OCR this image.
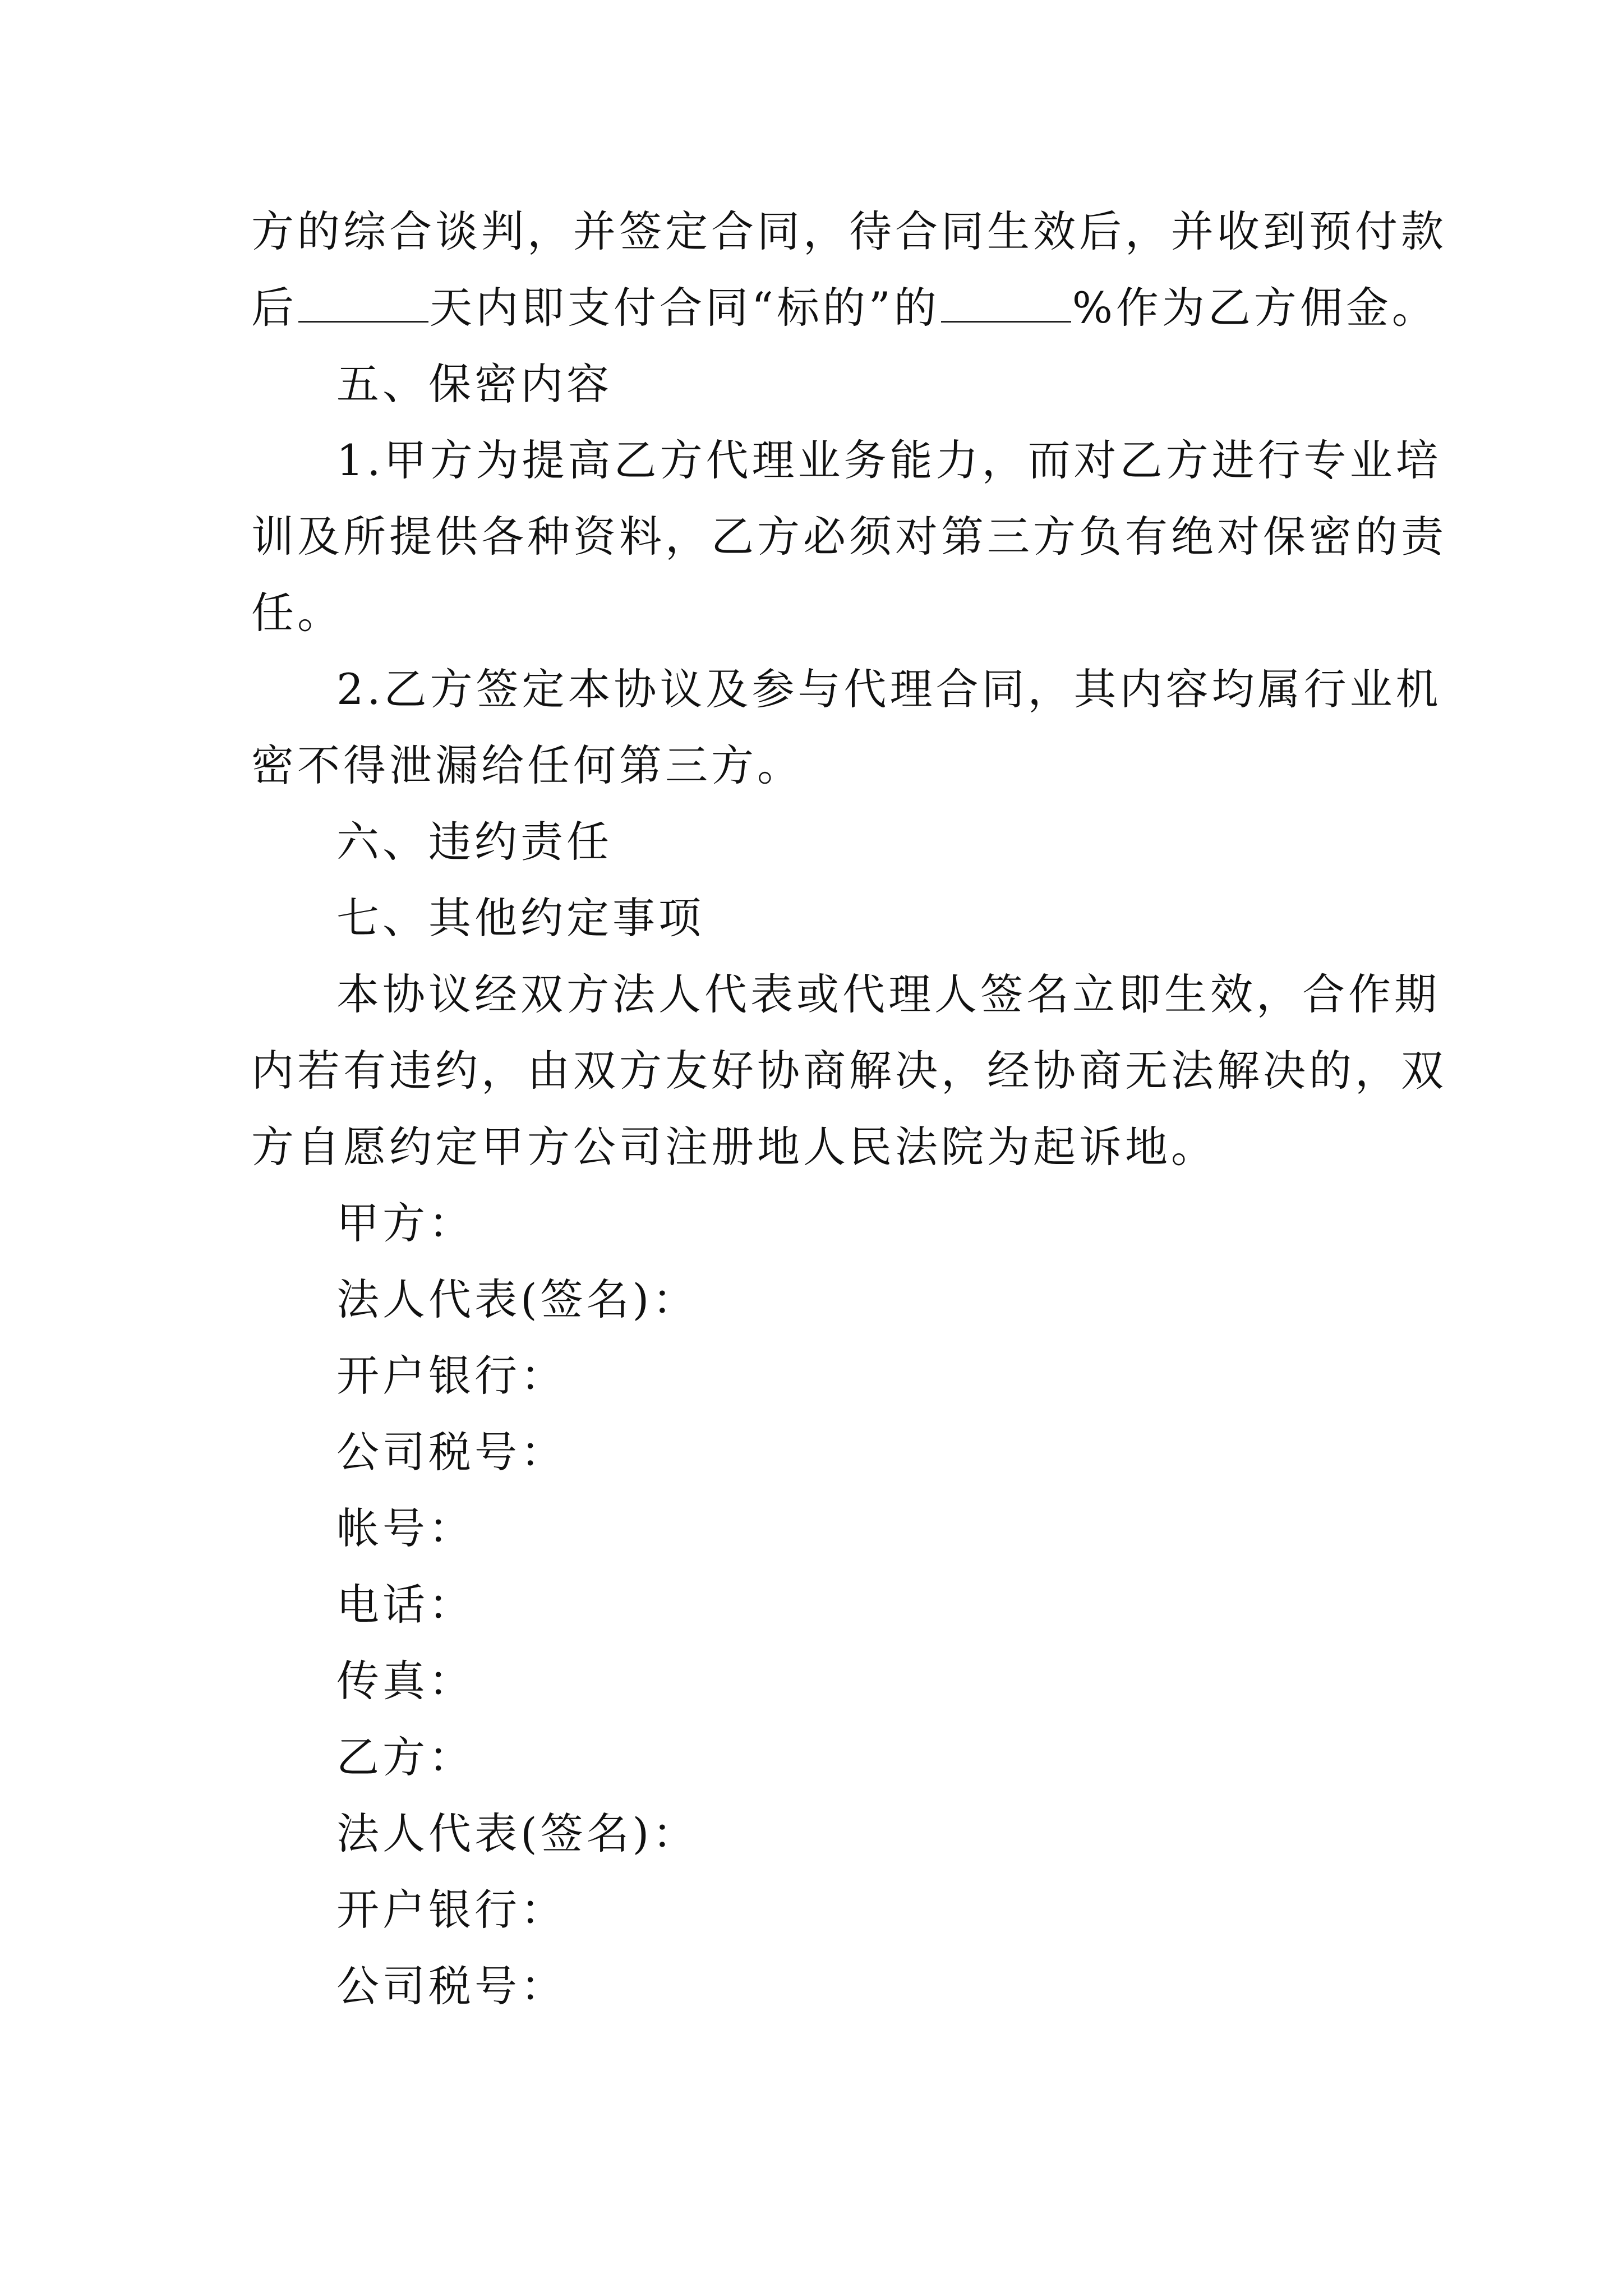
方的综合谈判，并签定合同，待合同生效后，并收到预付款
后	天内即支付合同“标的”的	%作为乙方佣金。
五、保密内容
1.甲方为提高乙方代理业务能力，而对乙方进行专业培
训及所提供各种资料，乙方必须对第三方负有绝对保密的责
任。
2.乙方签定本协议及参与代理合同，其内容均属行业机
密不得泄漏给任何第三方。
六、违约责任
七、其他约定事项
本协议经双方法人代表或代理人签名立即生效，合作期
内若有违约，由双方友好协商解决，经协商无法解决的，双
方自愿约定甲方公司注册地人民法院为起诉地。
甲方：
法人代表(签名)：
开户银行：
公司税号：
帐号：
电话：
传真：
乙方：
法人代表(签名)：
开户银行：
公司税号：
